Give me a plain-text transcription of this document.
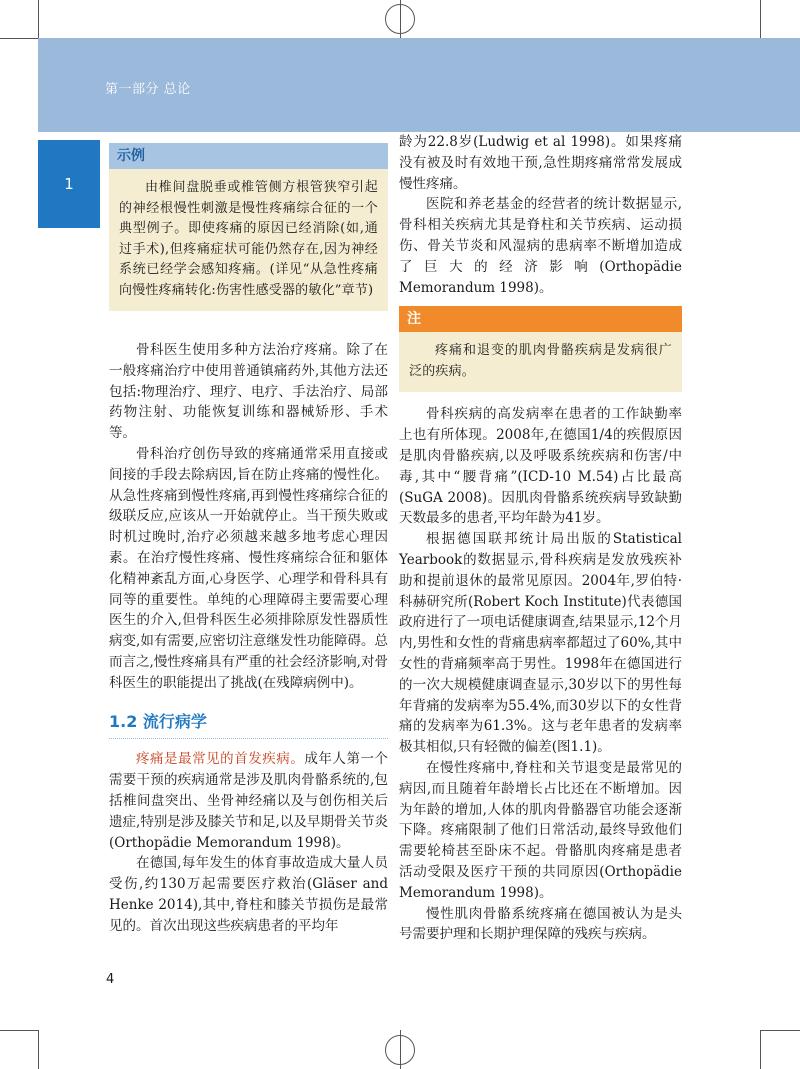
第一部分 总论
1
示例
由椎间盘脱垂或椎管侧方根管狭窄引起的神经根慢性刺激是慢性疼痛综合征的一个典型例子。即使疼痛的原因已经消除(如,通过手术),但疼痛症状可能仍然存在,因为神经系统已经学会感知疼痛。(详见“从急性疼痛向慢性疼痛转化:伤害性感受器的敏化”章节)

骨科医生使用多种方法治疗疼痛。除了在一般疼痛治疗中使用普通镇痛药外,其他方法还包括:物理治疗、理疗、电疗、手法治疗、局部药物注射、功能恢复训练和器械矫形、手术等。

骨科治疗创伤导致的疼痛通常采用直接或间接的手段去除病因,旨在防止疼痛的慢性化。从急性疼痛到慢性疼痛,再到慢性疼痛综合征的级联反应,应该从一开始就停止。当干预失败或时机过晚时,治疗必须越来越多地考虑心理因素。在治疗慢性疼痛、慢性疼痛综合征和躯体化精神紊乱方面,心身医学、心理学和骨科具有同等的重要性。单纯的心理障碍主要需要心理医生的介入,但骨科医生必须排除原发性器质性病变,如有需要,应密切注意继发性功能障碍。总而言之,慢性疼痛具有严重的社会经济影响,对骨科医生的职能提出了挑战(在残障病例中)。

1.2 流行病学

疼痛是最常见的首发疾病。成年人第一个需要干预的疾病通常是涉及肌肉骨骼系统的,包括椎间盘突出、坐骨神经痛以及与创伤相关后遗症,特别是涉及膝关节和足,以及早期骨关节炎(Orthopädie Memorandum 1998)。

在德国,每年发生的体育事故造成大量人员受伤,约130万起需要医疗救治(Gläser and Henke 2014),其中,脊柱和膝关节损伤是最常见的。首次出现这些疾病患者的平均年

龄为22.8岁(Ludwig et al 1998)。如果疼痛没有被及时有效地干预,急性期疼痛常常发展成慢性疼痛。

医院和养老基金的经营者的统计数据显示,骨科相关疾病尤其是脊柱和关节疾病、运动损伤、骨关节炎和风湿病的患病率不断增加造成了巨大的经济影响(Orthopädie Memorandum 1998)。

注
疼痛和退变的肌肉骨骼疾病是发病很广泛的疾病。

骨科疾病的高发病率在患者的工作缺勤率上也有所体现。2008年,在德国1/4的疾假原因是肌肉骨骼疾病,以及呼吸系统疾病和伤害/中毒,其中“腰背痛”(ICD-10 M.54)占比最高(SuGA 2008)。因肌肉骨骼系统疾病导致缺勤天数最多的患者,平均年龄为41岁。

根据德国联邦统计局出版的Statistical Yearbook的数据显示,骨科疾病是发放残疾补助和提前退休的最常见原因。2004年,罗伯特·科赫研究所(Robert Koch Institute)代表德国政府进行了一项电话健康调查,结果显示,12个月内,男性和女性的背痛患病率都超过了60%,其中女性的背痛频率高于男性。1998年在德国进行的一次大规模健康调查显示,30岁以下的男性每年背痛的发病率为55.4%,而30岁以下的女性背痛的发病率为61.3%。这与老年患者的发病率极其相似,只有轻微的偏差(图1.1)。

在慢性疼痛中,脊柱和关节退变是最常见的病因,而且随着年龄增长占比还在不断增加。因为年龄的增加,人体的肌肉骨骼器官功能会逐渐下降。疼痛限制了他们日常活动,最终导致他们需要轮椅甚至卧床不起。骨骼肌肉疼痛是患者活动受限及医疗干预的共同原因(Orthopädie Memorandum 1998)。

慢性肌肉骨骼系统疼痛在德国被认为是头号需要护理和长期护理保障的残疾与疾病。

4
